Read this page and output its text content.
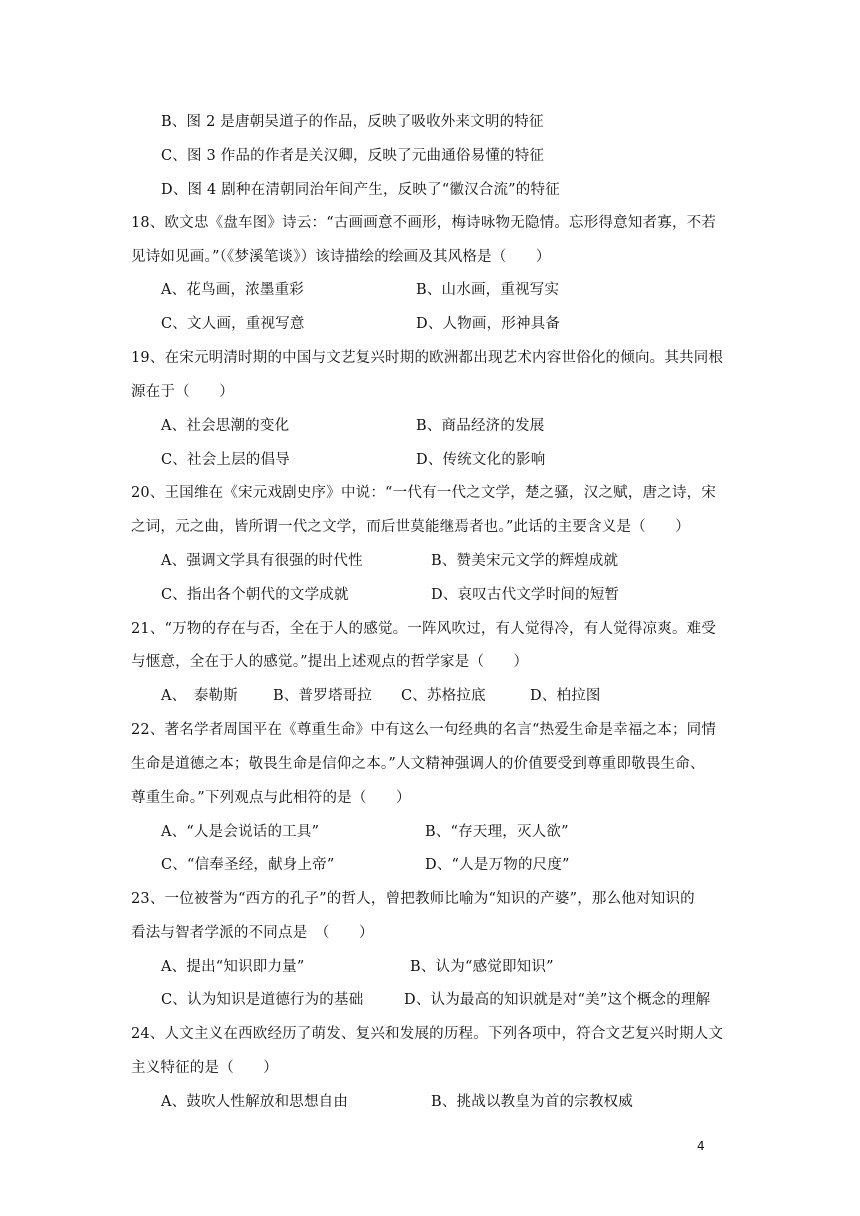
B、图 2 是唐朝吴道子的作品，反映了吸收外来文明的特征
C、图 3 作品的作者是关汉卿，反映了元曲通俗易懂的特征
D、图 4 剧种在清朝同治年间产生，反映了“徽汉合流”的特征
18、欧文忠《盘车图》诗云：“古画画意不画形，梅诗咏物无隐情。忘形得意知者寡，不若
见诗如见画。”（《梦溪笔谈》）该诗描绘的绘画及其风格是（　　）
A、花鸟画，浓墨重彩	B、山水画，重视写实
C、文人画，重视写意	D、人物画，形神具备
19、在宋元明清时期的中国与文艺复兴时期的欧洲都出现艺术内容世俗化的倾向。其共同根
源在于（　　）
A、社会思潮的变化	B、商品经济的发展
C、社会上层的倡导	D、传统文化的影响
20、王国维在《宋元戏剧史序》中说：“一代有一代之文学，楚之骚，汉之赋，唐之诗，宋
之词，元之曲，皆所谓一代之文学，而后世莫能继焉者也。”此话的主要含义是（　　）
A、强调文学具有很强的时代性	B、赞美宋元文学的辉煌成就
C、指出各个朝代的文学成就	D、哀叹古代文学时间的短暂
21、“万物的存在与否，全在于人的感觉。一阵风吹过，有人觉得冷，有人觉得凉爽。难受
与惬意，全在于人的感觉。”提出上述观点的哲学家是（　　）
A、　泰勒斯 B、普罗塔哥拉 C、苏格拉底	D、柏拉图
22、著名学者周国平在《尊重生命》中有这么一句经典的名言“热爱生命是幸福之本；同情
生命是道德之本；敬畏生命是信仰之本。”人文精神强调人的价值要受到尊重即敬畏生命、
尊重生命。”下列观点与此相符的是（　　）
A、“人是会说话的工具”	B、“存天理，灭人欲”
C、“信奉圣经，献身上帝”	D、“人是万物的尺度”
23、一位被誉为“西方的孔子”的哲人，曾把教师比喻为“知识的产婆”，那么他对知识的
看法与智者学派的不同点是　（　　）
A、提出“知识即力量”	B、认为“感觉即知识”
C、认为知识是道德行为的基础	D、认为最高的知识就是对“美”这个概念的理解
24、人文主义在西欧经历了萌发、复兴和发展的历程。下列各项中，符合文艺复兴时期人文
主义特征的是（　　）
A、鼓吹人性解放和思想自由	B、挑战以教皇为首的宗教权威
4
